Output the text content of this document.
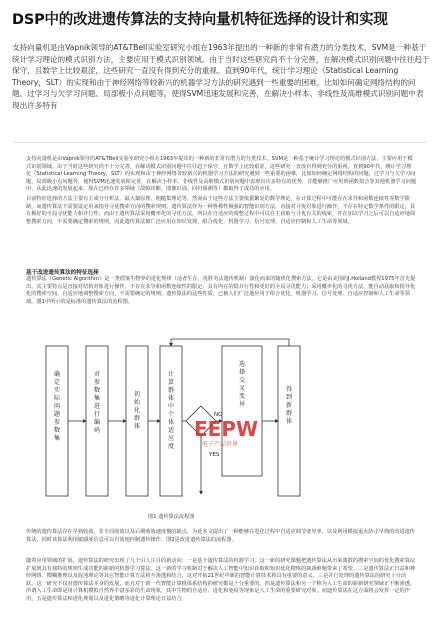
DSP中的改进遗传算法的支持向量机特征选择的设计和实现
支持向量机是由Vapnik领导的AT&TBell实验室研究小组在1963年提出的一种新的非常有潜力的分类技术，SVM是一种基于统计学习理论的模式识别方法，主要应用于模式识别领域。由于当时这些研究尚不十分完善，在解决模式识别问题中往往趋于保守，且数学上比较艰涩，这些研究一直没有得到充分的重视。直到90年代，统计学习理论（Statistical Learning Theory，SLT）的实现和由于神经网络等较新兴的机器学习方法的研究遇到一些重要的困难，比如如何确定网络结构的问题、过学习与欠学习问题、局部极小点问题等，使得SVM迅速发展和完善，在解决小样本、非线性及高维模式识别问题中表现出许多特有
支持向量机是由Vapnik领导的AT&TBell实验室研究小组在1963年提出的一种新的非常有潜力的分类技术，SVM是一种基于统计学习理论的模式识别方法，主要应用于模式识别领域。由于当时这些研究尚不十分完善，在解决模式识别问题中往往趋于保守，且数学上比较艰涩，这些研究一直没有得到充分的重视。直到90年代，统计学习理论（Statistical Learning Theory，SLT）的实现和由于神经网络等较新兴的机器学习方法的研究遇到一些重要的困难，比如如何确定网络结构的问题、过学习与欠学习问题、局部极小点问题等，使得SVM迅速发展和完善，在解决小样本、非线性及高维模式识别问题中表现出许多特有的优势，并能够推广应用到函数拟合等其他机器学习问题中，从此迅速的发展起来，现在已经在许多领域（故障诊断、图像识别、回归预测等）都取得了成功的应用。
目前特征选择的方法主要有主成分分析法、最大熵原理、粗糙集理论等。然而由于这些方法主要依据繁复的数学理论，在计算过程中可能存在求导和函数连续性等数学限制，而遗传算法不需要设定用来指导寻优搜索方向的搜索规则。遗传算法作为一种鲁棒性极强的智能识别方法，直接对寻优对象进行操作，不存在特定数学条件的限定，具有极好的全局寻优能力和并行性；而由于遗传算法采用概率化的寻优方法，所以在自适应的调整过程中可以自主获取与寻优有关的线索，并在加以学习之后可以自适应地调整搜索方向，不需要确定搜索的规则。因此遗传算法被广泛应用在知识发现、组合优化、机器学习、信号处理、自适应控制和人工生命等领域。
遗传算法（Genetic Algorithm）是一类借鉴生物界的进化规律（适者生存，优胜劣汰遗传机制）演化而来的随机化搜索方法。它是由美国的J.Holland教授1975年首先提出，其主要特点是直接对结构对象进行操作，不存在求导和函数连续性的限定；具有内在的隐并行性和更好的全局寻优能力；采用概率化的寻优方法，能自动获取和指导优化的搜索空间，自适应地调整搜索方向，不需要确定的规则。遗传算法的这些性质，已被人们广泛地应用于组合优化、机器学习、信号处理、自适应控制和人工生命等领域。图1中所示的是标准的遗传算法的流程图。
基于改进遗传算法的特征选择
确定实际问题参数集
对参数集进行编码
初始化群体
计算群体中个体适应度
选择交叉变异
得到新群体
YES
NO
EEPW
电子产品世界
图1 遗传算法流程图
传统的遗传算法存在早熟收敛、非全局收敛以及后期收敛速度慢的缺点，为此本文提出了一种能够在进化过程中自适应调节变异率，以及利用模拟退火防止早熟的改进遗传算法，同时该算法利用敏感度信息可以有效地控制遗传操作。图2是改进遗传算法的流程图。
随着应用领域的扩展，遗传算法的研究出现了几个引人注目的新动向：一是基于遗传算法的机器学习，这一新的研究课题把遗传算法从历来离散的搜索空间的优化搜索算法扩展到具有独特的规则生成功能的崭新的机器学习算法。这一新的学习机制对于解决人工智能中知识获取和知识优化精炼的瓶颈难题带来了希望。二是遗传算法正日益和神经网络、模糊推理以及混沌理论等其它智能计算方法相互渗透和结合，这对开拓21世纪中新的智能计算技术将具有重要的意义。三是并行处理的遗传算法的研究十分活跃。这一研究不仅对遗传算法本身的发展，而且对于新一代智能计算机体系结构的研究都是十分重要的。四是遗传算法和另一个称为人工生命的崭新研究领域正不断渗透。所谓人工生命即是用计算机模拟自然界丰富多彩的生命现象，其中生物的自适应、进化和免疫等现象是人工生命的重要研究对象，而遗传算法在这方面将会发挥一定的作用，五是遗传算法和进化规划以及进化策略等进化计算理论日益结合。
